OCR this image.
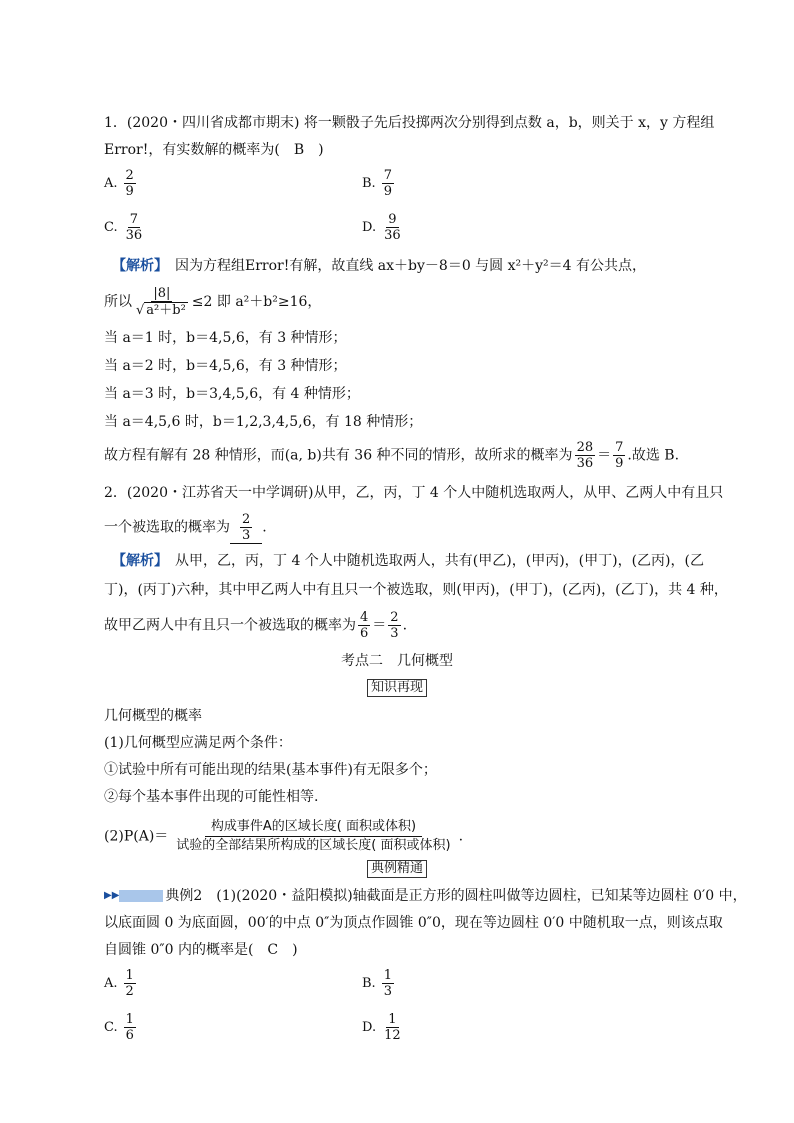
1．(2020・四川省成都市期末) 将一颗骰子先后投掷两次分别得到点数 a，b，则关于 x，y 方程组
Error!，有实数解的概率为(　B　)
A. $\frac{2}{9}$	B. $\frac{7}{9}$
C. $\frac{7}{36}$	D. $\frac{9}{36}$
【解析】　因为方程组Error!有解，故直线 ax＋by－8＝0 与圆 x²＋y²＝4 有公共点，
所以 $\frac{|8|}{\text{√ a²＋b²}} \le 2$ 即 a²＋b²≥16，
当 a＝1 时，b＝4,5,6，有 3 种情形；
当 a＝2 时，b＝4,5,6，有 3 种情形；
当 a＝3 时，b＝3,4,5,6，有 4 种情形；
当 a＝4,5,6 时，b＝1,2,3,4,5,6，有 18 种情形；
故方程有解有 28 种情形，而(a, b)共有 36 种不同的情形，故所求的概率为 $\frac{28}{36} = \frac{7}{9}$ .故选 B.
2．(2020・江苏省天一中学调研)从甲，乙，丙，丁 4 个人中随机选取两人，从甲、乙两人中有且只
一个被选取的概率为 $\frac{2}{3}$ .
【解析】　从甲，乙，丙，丁 4 个人中随机选取两人，共有(甲乙)，(甲丙)，(甲丁)，(乙丙)，(乙
丁)，(丙丁)六种，其中甲乙两人中有且只一个被选取，则(甲丙)，(甲丁)，(乙丙)，(乙丁)，共 4 种，
故甲乙两人中有且只一个被选取的概率为 $\frac{4}{6} = \frac{2}{3}$ .
考点二　几何概型
知识再现
几何概型的概率
(1)几何概型应满足两个条件：
①试验中所有可能出现的结果(基本事件)有无限多个；
②每个基本事件出现的可能性相等.
$(2)P(A)= \frac{\text{构成事件A的区域长度( 面积或体积)}}{\text{试验的全部结果所构成的区域长度( 面积或体积)}}$ .
典例精通
▶▶	典例2　(1)(2020・益阳模拟)轴截面是正方形的圆柱叫做等边圆柱，已知某等边圆柱 0′0 中，
以底面圆 0 为底面圆，00′的中点 0″为顶点作圆锥 0″0，现在等边圆柱 0′0 中随机取一点，则该点取
自圆锥 0″0 内的概率是(　C　)
A. $\frac{1}{2}$	B. $\frac{1}{3}$
C. $\frac{1}{6}$	D. $\frac{1}{12}$
